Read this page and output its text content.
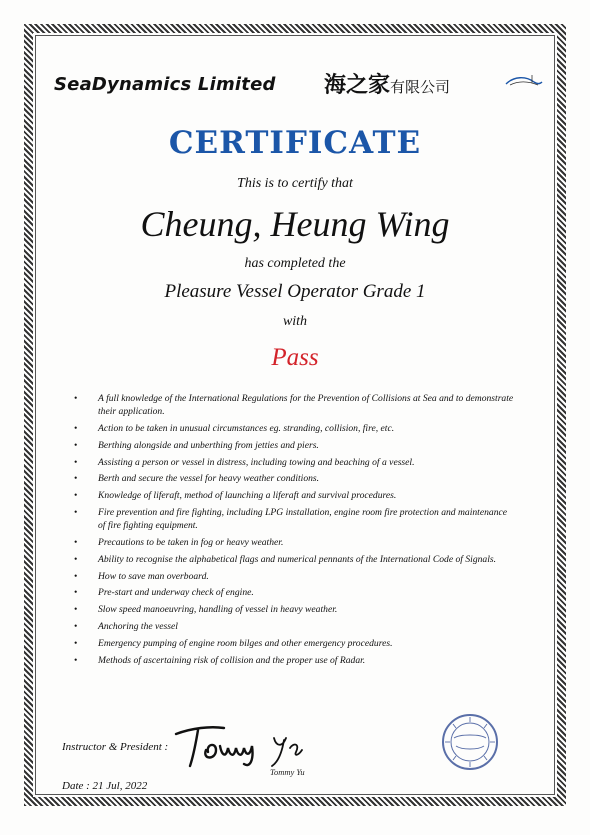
SeaDynamics Limited 海之家有限公司
CERTIFICATE
This is to certify that
Cheung, Heung Wing
has completed the
Pleasure Vessel Operator Grade 1
with
Pass
• A full knowledge of the International Regulations for the Prevention of Collisions at Sea and to demonstrate their application.
• Action to be taken in unusual circumstances eg. stranding, collision, fire, etc.
• Berthing alongside and unberthing from jetties and piers.
• Assisting a person or vessel in distress, including towing and beaching of a vessel.
• Berth and secure the vessel for heavy weather conditions.
• Knowledge of liferaft, method of launching a liferaft and survival procedures.
• Fire prevention and fire fighting, including LPG installation, engine room fire protection and maintenance of fire fighting equipment.
• Precautions to be taken in fog or heavy weather.
• Ability to recognise the alphabetical flags and numerical pennants of the International Code of Signals.
• How to save man overboard.
• Pre-start and underway check of engine.
• Slow speed manoeuvring, handling of vessel in heavy weather.
• Anchoring the vessel
• Emergency pumping of engine room bilges and other emergency procedures.
• Methods of ascertaining risk of collision and the proper use of Radar.
Instructor & President :
Tommy Yu
Date : 21 Jul, 2022
